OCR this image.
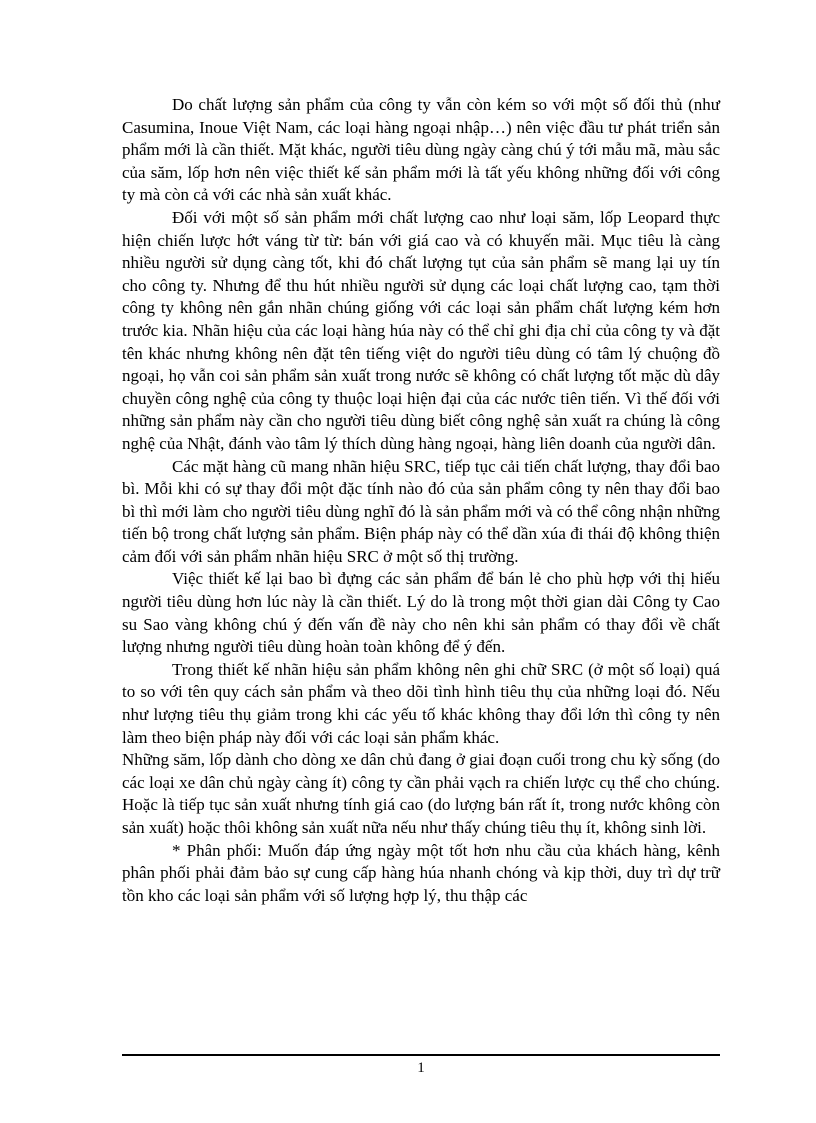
Do chất lượng sản phẩm của công ty vẫn còn kém so với một số đối thủ (như Casumina, Inoue Việt Nam, các loại hàng ngoại nhập…) nên việc đầu tư phát triển sản phẩm mới là cần thiết. Mặt khác, người tiêu dùng ngày càng chú ý tới mẫu mã, màu sắc của săm, lốp hơn nên việc thiết kế sản phẩm mới là tất yếu không những đối với công ty mà còn cả với các nhà sản xuất khác.

Đối với một số sản phẩm mới chất lượng cao như loại săm, lốp Leopard thực hiện chiến lược hớt váng từ từ: bán với giá cao và có khuyến mãi. Mục tiêu là càng nhiều người sử dụng càng tốt, khi đó chất lượng tụt của sản phẩm sẽ mang lại uy tín cho công ty. Nhưng để thu hút nhiều người sử dụng các loại chất lượng cao, tạm thời công ty không nên gắn nhãn chúng giống với các loại sản phẩm chất lượng kém hơn trước kia. Nhãn hiệu của các loại hàng húa này có thể chỉ ghi địa chỉ của công ty và đặt tên khác nhưng không nên đặt tên tiếng việt do người tiêu dùng có tâm lý chuộng đồ ngoại, họ vẫn coi sản phẩm sản xuất trong nước sẽ không có chất lượng tốt mặc dù dây chuyền công nghệ của công ty thuộc loại hiện đại của các nước tiên tiến. Vì thế đối với những sản phẩm này cần cho người tiêu dùng biết công nghệ sản xuất ra chúng là công nghệ của Nhật, đánh vào tâm lý thích dùng hàng ngoại, hàng liên doanh của người dân.

Các mặt hàng cũ mang nhãn hiệu SRC, tiếp tục cải tiến chất lượng, thay đổi bao bì. Mỗi khi có sự thay đổi một đặc tính nào đó của sản phẩm công ty nên thay đổi bao bì thì mới làm cho người tiêu dùng nghĩ đó là sản phẩm mới và có thể công nhận những tiến bộ trong chất lượng sản phẩm. Biện pháp này có thể dần xúa đi thái độ không thiện cảm đối với sản phẩm nhãn hiệu SRC ở một số thị trường.

Việc thiết kế lại bao bì đựng các sản phẩm để bán lẻ cho phù hợp với thị hiếu người tiêu dùng hơn lúc này là cần thiết. Lý do là trong một thời gian dài Công ty Cao su Sao vàng không chú ý đến vấn đề này cho nên khi sản phẩm có thay đổi về chất lượng nhưng người tiêu dùng hoàn toàn không để ý đến.

Trong thiết kế nhãn hiệu sản phẩm không nên ghi chữ SRC (ở một số loại) quá to so với tên quy cách sản phẩm và theo dõi tình hình tiêu thụ của những loại đó. Nếu như lượng tiêu thụ giảm trong khi các yếu tố khác không thay đổi lớn thì công ty nên làm theo biện pháp này đối với các loại sản phẩm khác.

Những săm, lốp dành cho dòng xe dân chủ đang ở giai đoạn cuối trong chu kỳ sống (do các loại xe dân chủ ngày càng ít) công ty cần phải vạch ra chiến lược cụ thể cho chúng. Hoặc là tiếp tục sản xuất nhưng tính giá cao (do lượng bán rất ít, trong nước không còn sản xuất) hoặc thôi không sản xuất nữa nếu như thấy chúng tiêu thụ ít, không sinh lời.

* Phân phối: Muốn đáp ứng ngày một tốt hơn nhu cầu của khách hàng, kênh phân phối phải đảm bảo sự cung cấp hàng húa nhanh chóng và kịp thời, duy trì dự trữ tồn kho các loại sản phẩm với số lượng hợp lý, thu thập các

1
